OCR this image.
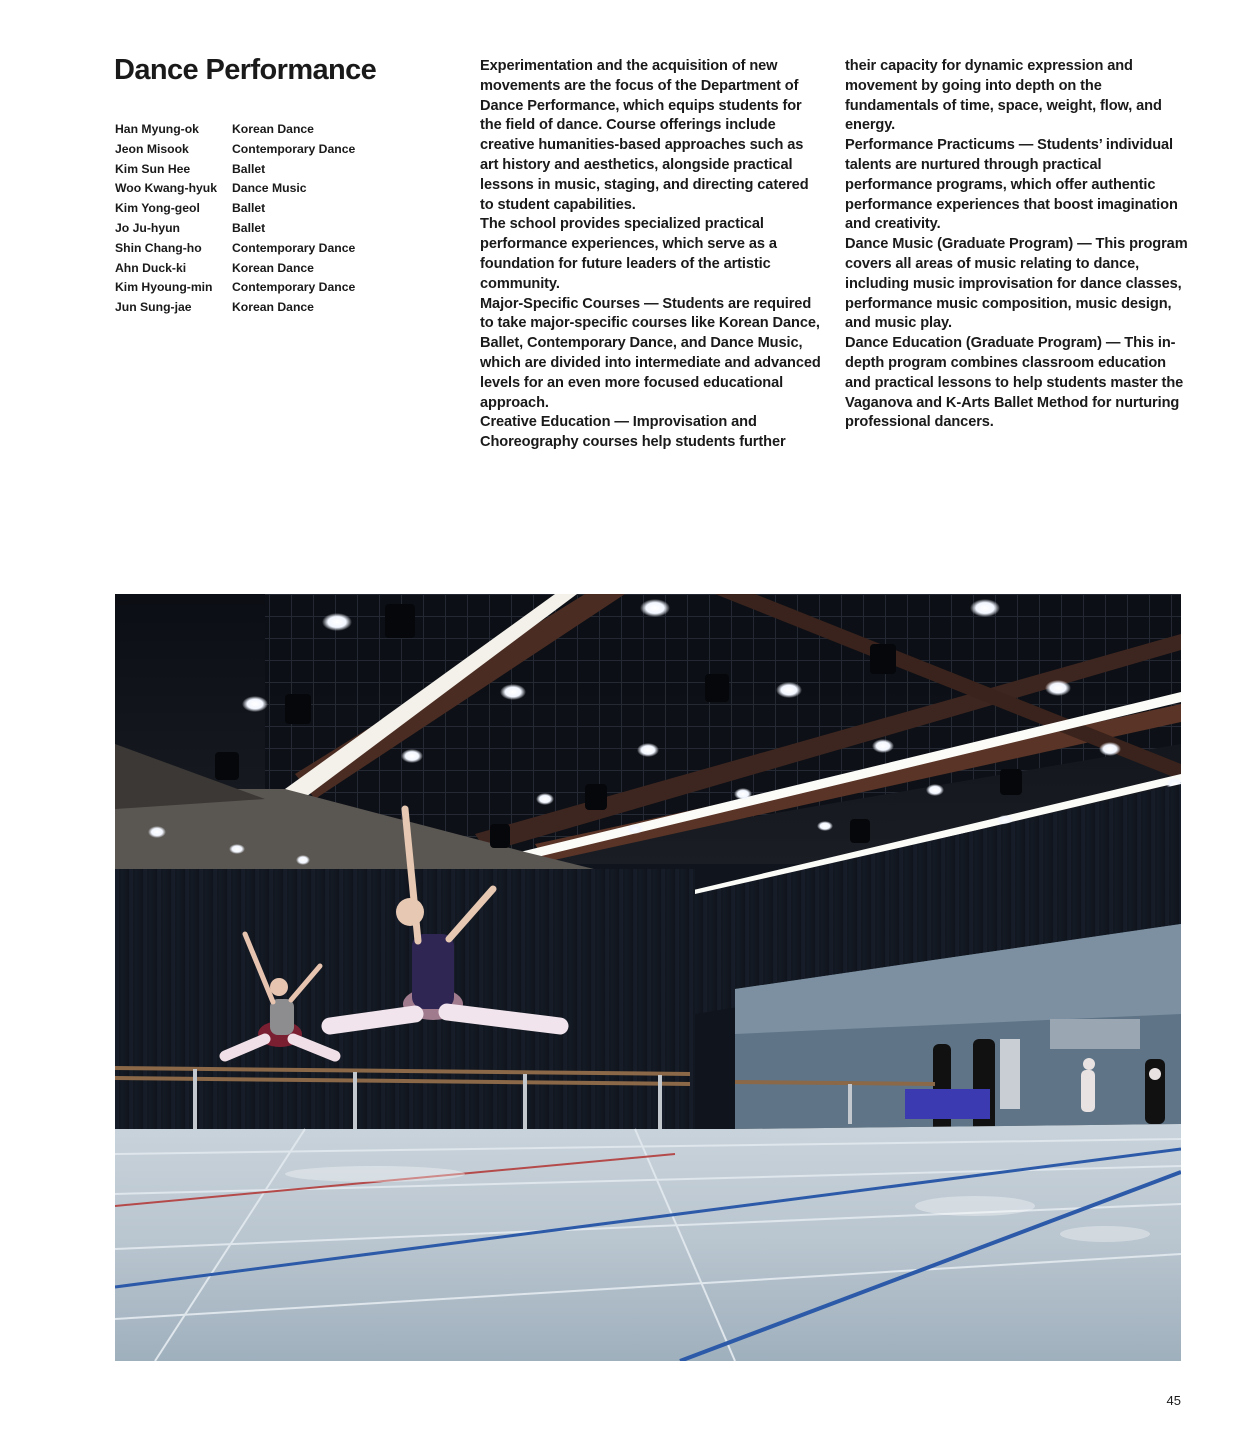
Dance Performance
Han Myung-ok	Korean Dance
Jeon Misook	Contemporary Dance
Kim Sun Hee	Ballet
Woo Kwang-hyuk	Dance Music
Kim Yong-geol	Ballet
Jo Ju-hyun	Ballet
Shin Chang-ho	Contemporary Dance
Ahn Duck-ki	Korean Dance
Kim Hyoung-min	Contemporary Dance
Jun Sung-jae	Korean Dance

Experimentation and the acquisition of new movements are the focus of the Department of Dance Performance, which equips students for the field of dance. Course offerings include creative humanities-based approaches such as art history and aesthetics, alongside practical lessons in music, staging, and directing catered to student capabilities.

The school provides specialized practical performance experiences, which serve as a foundation for future leaders of the artistic community.

Major-Specific Courses — Students are required to take major-specific courses like Korean Dance, Ballet, Contemporary Dance, and Dance Music, which are divided into intermediate and advanced levels for an even more focused educational approach.

Creative Education — Improvisation and Choreography courses help students further

their capacity for dynamic expression and movement by going into depth on the fundamentals of time, space, weight, flow, and energy.

Performance Practicums — Students’ individual talents are nurtured through practical performance programs, which offer authentic performance experiences that boost imagination and creativity.

Dance Music (Graduate Program) — This program covers all areas of music relating to dance, including music improvisation for dance classes, performance music composition, music design, and music play.

Dance Education (Graduate Program) — This in-depth program combines classroom education and practical lessons to help students master the Vaganova and K-Arts Ballet Method for nurturing professional dancers.

45
